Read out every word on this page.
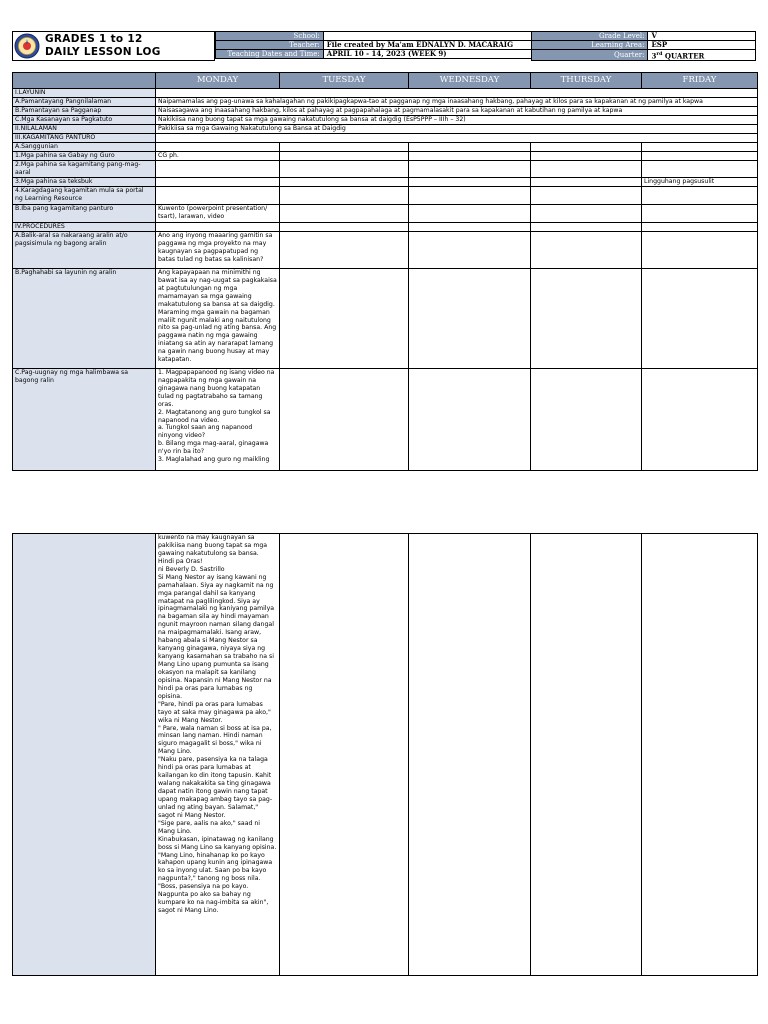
GRADES 1 to 12
DAILY LESSON LOG
School:	
Teacher:	File created by Ma'am EDNALYN D. MACARAIG
Teaching Dates and Time:	APRIL 10 - 14, 2023 (WEEK 9)
Grade Level:	V
Learning Area:	ESP
Quarter:	3rd QUARTER
	MONDAY	TUESDAY	WEDNESDAY	THURSDAY	FRIDAY
I.LAYUNIN					
A.Pamantayang Pangnilalaman	Naipamamalas ang pag-unawa sa kahalagahan ng pakikipagkapwa-tao at pagganap ng mga inaasahang hakbang, pahayag at kilos para sa kapakanan at ng pamilya at kapwa				
B.Pamantayan sa Pagganap	Naisasagawa ang inaasahang hakbang, kilos at pahayag at pagpapahalaga at pagmamalasakit para sa kapakanan at kabutihan ng pamilya at kapwa				
C.Mga Kasanayan sa Pagkatuto	Nakikiisa nang buong tapat sa mga gawaing nakatutulong sa bansa at daigdig (EsP5PPP – IIIh – 32)				
II.NILALAMAN	Pakikiisa sa mga Gawaing Nakatutulong sa Bansa at Daigdig				
III.KAGAMITANG PANTURO					
A.Sanggunian					
1.Mga pahina sa Gabay ng Guro	CG ph.				
2.Mga pahina sa kagamitang pang-mag-aaral					
3.Mga pahina sa teksbuk					Lingguhang pagsusulit
4.Karagdagang kagamitan mula sa portal ng Learning Resource					
B.Iba pang kagamitang panturo	Kuwento (powerpoint presentation/ tsart), larawan, video				
IV.PROCEDURES					
A.Balik-aral sa nakaraang aralin at/o pagsisimula ng bagong aralin	Ano ang inyong maaaring gamitin sa paggawa ng mga proyekto na may kaugnayan sa pagpapatupad ng batas tulad ng batas sa kalinisan?				
B.Paghahabi sa layunin ng aralin	Ang kapayapaan na minimithi ng bawat isa ay nag-uugat sa pagkakaisa at pagtutulungan ng mga mamamayan sa mga gawaing makatutulong sa bansa at sa daigdig. Maraming mga gawain na bagaman maliit ngunit malaki ang naitutulong nito sa pag-unlad ng ating bansa. Ang paggawa natin ng mga gawaing iniatang sa atin ay nararapat lamang na gawin nang buong husay at may katapatan.				
C.Pag-uugnay ng mga halimbawa sa bagong ralin	1. Magpapapanood ng isang video na nagpapakita ng mga gawain na ginagawa nang buong katapatan tulad ng pagtatrabaho sa tamang oras.
2. Magtatanong ang guro tungkol sa napanood na video.
a. Tungkol saan ang napanood ninyong video?
b. Bilang mga mag-aaral, ginagawa n'yo rin ba ito?
3. Maglalahad ang guro ng maikling				
	kuwento na may kaugnayan sa pakikiisa nang buong tapat sa mga gawaing nakatutulong sa bansa.
Hindi pa Oras!
ni Beverly D. Sastrillo
Si Mang Nestor ay isang kawani ng pamahalaan. Siya ay nagkamit na ng mga parangal dahil sa kanyang matapat na paglilingkod. Siya ay ipinagmamalaki ng kaniyang pamilya na bagaman sila ay hindi mayaman ngunit mayroon naman silang dangal na maipagmamalaki. Isang araw, habang abala si Mang Nestor sa kanyang ginagawa, niyaya siya ng kanyang kasamahan sa trabaho na si Mang Lino upang pumunta sa isang okasyon na malapit sa kanilang opisina. Napansin ni Mang Nestor na hindi pa oras para lumabas ng opisina.
"Pare, hindi pa oras para lumabas tayo at saka may ginagawa pa ako," wika ni Mang Nestor.
" Pare, wala naman si boss at isa pa, minsan lang naman. Hindi naman siguro magagalit si boss," wika ni Mang Lino.
"Naku pare, pasensiya ka na talaga hindi pa oras para lumabas at kailangan ko din itong tapusin. Kahit walang nakakakita sa ting ginagawa dapat natin itong gawin nang tapat upang makapag ambag tayo sa pag-unlad ng ating bayan. Salamat," sagot ni Mang Nestor.
"Sige pare, aalis na ako," saad ni Mang Lino.
Kinabukasan, ipinatawag ng kanilang boss si Mang Lino sa kanyang opisina.
"Mang Lino, hinahanap ko po kayo kahapon upang kunin ang ipinagawa ko sa inyong ulat. Saan po ba kayo nagpunta?," tanong ng boss nila.
"Boss, pasensiya na po kayo. Nagpunta po ako sa bahay ng kumpare ko na nag-imbita sa akin", sagot ni Mang Lino.				
